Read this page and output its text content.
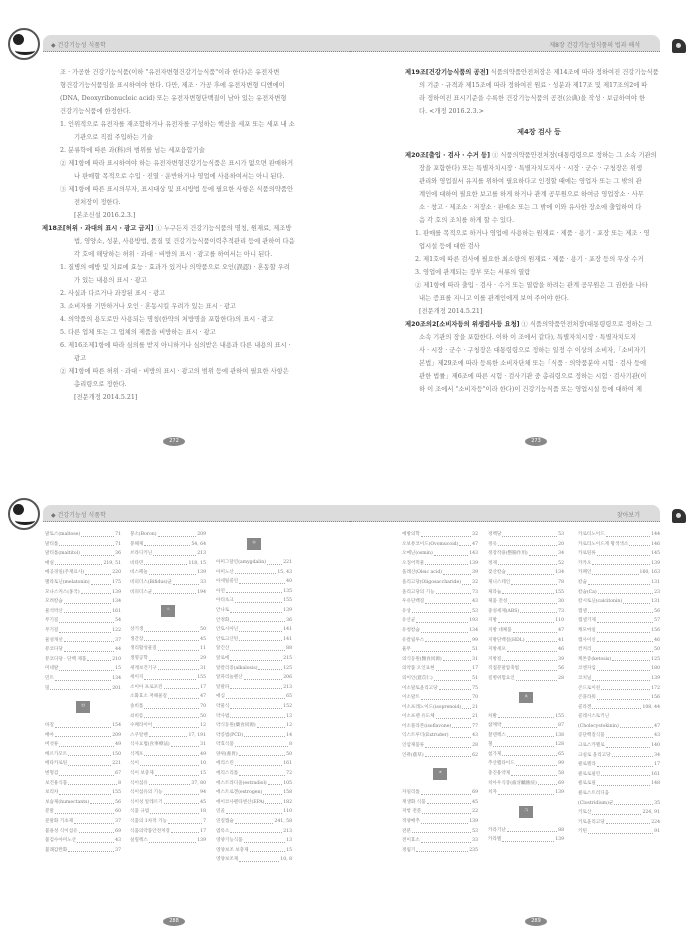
◆ 건강기능성 식품학	제8장 건강기능성식품의 법과 해석

조 · 가공한 건강기능식품(이하 "유전자변형건강기능식품"이라 한다)은 유전자변

형건강기능식품임을 표시하여야 한다. 다만, 제조 · 가공 후에 유전자변형 디엔에이

(DNA, Deoxyribonucleic acid) 또는 유전자변형단백질이 남아 있는 유전자변형

건강기능식품에 한정한다.

1. 인위적으로 유전자를 재조합하거나 유전자를 구성하는 핵산을 세포 또는 세포 내 소

기관으로 직접 주입하는 기술

2. 분류학에 따른 과(科)의 범위를 넘는 세포융합기술

② 제1항에 따라 표시하여야 하는 유전자변형건강기능식품은 표시가 없으면 판매하거

나 판매할 목적으로 수입 · 진열 · 운반하거나 영업에 사용하여서는 아니 된다.

③ 제1항에 따른 표시의무자, 표시대상 및 표시방법 등에 필요한 사항은 식품의약품안

전처장이 정한다.

[본조신설 2016.2.3.]

제18조[허위 · 과대의 표시 · 광고 금지] ① 누구든지 건강기능식품의 명칭, 원재료, 제조방

법, 영양소, 성분, 사용방법, 품질 및 건강기능식품이력추적관리 등에 관하여 다음

각 호에 해당하는 허위 · 과대 · 비방의 표시 · 광고를 하여서는 아니 된다.

1. 질병의 예방 및 치료에 효능 · 효과가 있거나 의약품으로 오인(誤認) · 혼동할 우려

가 있는 내용의 표시 · 광고

2. 사실과 다르거나 과장된 표시 · 광고

3. 소비자를 기만하거나 오인 · 혼동시킬 우려가 있는 표시 · 광고

4. 의약품의 용도로만 사용되는 명칭(한약의 처방명을 포함한다)의 표시 · 광고

5. 다른 업체 또는 그 업체의 제품을 비방하는 표시 · 광고

6. 제16조제1항에 따라 심의를 받지 아니하거나 심의받은 내용과 다른 내용의 표시 ·

광고

② 제1항에 따른 허위 · 과대 · 비방의 표시 · 광고의 범위 등에 관하여 필요한 사항은

총리령으로 정한다.

[전문개정 2014.5.21]

272

제19조[건강기능식품의 공전] 식품의약품안전처장은 제14조에 따라 정하여진 건강기능식품

의 기준 · 규격과 제15조에 따라 정하여진 원료 · 성분과 제17조 및 제17조의2에 따

라 정하여진 표시기준을 수록한 건강기능식품의 공전(公典)을 작성 · 보급하여야 한

다. <개정 2016.2.3.>

제4장 검사 등

제20조[출입 · 검사 · 수거 등] ① 식품의약품안전처장(대통령령으로 정하는 그 소속 기관의

장을 포함한다) 또는 특별자치시장 · 특별자치도지사 · 시장 · 군수 · 구청장은 위생

관리와 영업질서 유지를 위하여 필요하다고 인정할 때에는 영업자 또는 그 밖의 관

계인에 대하여 필요한 보고를 하게 하거나 관계 공무원으로 하여금 영업장소 · 사무

소 · 창고 · 제조소 · 저장소 · 판매소 또는 그 밖에 이와 유사한 장소에 출입하여 다

음 각 호의 조치를 하게 할 수 있다.

1. 판매를 목적으로 하거나 영업에 사용하는 원재료 · 제품 · 용기 · 포장 또는 제조 · 영

업시설 등에 대한 검사

2. 제1호에 따른 검사에 필요한 최소량의 원재료 · 제품 · 용기 · 포장 등의 무상 수거

3. 영업에 관계되는 장부 또는 서류의 열람

② 제1항에 따라 출입 · 검사 · 수거 또는 열람을 하려는 관계 공무원은 그 권한을 나타

내는 증표를 지니고 이를 관계인에게 보여 주어야 한다.

[전문개정 2014.5.21]

제20조의2[소비자등의 위생검사등 요청] ① 식품의약품안전처장(대통령령으로 정하는 그

소속 기관의 장을 포함한다. 이하 이 조에서 같다), 특별자치시장 · 특별자치도지

사 · 시장 · 군수 · 구청장은 대통령령으로 정하는 일정 수 이상의 소비자,「소비자기

본법」제29조에 따라 등록한 소비자단체 또는「식품 · 의약품분야 시험 · 검사 등에

관한 법률」제6조에 따른 시험 · 검사기관 중 총리령으로 정하는 시험 · 검사기관(이

하 이 조에서 "소비자등"이라 한다)이 건강기능식품 또는 영업시설 등에 대하여 제

273
◆ 건강기능성 식품학	찾아보기
288	289
말토스(maltose)	71
말티톨	71
말티톨(maltitol)	36
매실	219, 51
메공경일(주재료사)	220
멜라토닌(melatonin)	175
모나스커스(홍국)	139
모려칼슘	134
물석박산	161
무기질	54
무기질	122
물성개선	37
뮤코다당	44
뮤코다당 · 단백 제품	210
미네랄	15
민트	134
밀	201
ㅂ
바질	154
배아	209
버섯류	49
베르가모트	150
베타카로틴	221
변형검	67
보건용식품	8
보리차	155
보습제(humectants)	56
분말	60
분말화 기초제	37
불용성 식이섬유	69
불검수아미노산	43
불쾌감완화	37
붕소(Boron)	209
붕해제	54, 64
브라디키닌	213
비타민	118, 15
비스페놀	139
비피더스(Bifidus)균	33
비피더스균	194
ㅅ
상기생	50
생간장	45
생리활성물질	11
생명공학	29
세계보건기구	31
세이지	155
소이아 프로포린	17
소화효소 저해물질	47
솔비톨	70
쇠비름	50
수페라이어	12
스쿠알렌	17, 191
식사요법(食事療法)	31
식계포	49
식이	10
식이 보충제	15
식이섬유	37, 80
식이섬유의 기능	94
식이성 알레르기	45
식품 규범	18
식품의 1차적 기능	7
식품의약품안전처장	17
실릴렉스	139
ㅇ
아미그달린(amygdalin)	221
아미노산	15, 43
아세틸콜린	40
아연	135
아티초크	155
안나토	139
안정화	36
안토시아닌	141
안토크산틴	141
알긴산	88
알로에	215
알칼리증(alkalosis)	125
알파리놀렌산	206
알팔파	213
애심	65
약물식	152
약사법	13
약식동원(藥食同源)	12
약콩법(PCD)	14
약효식품	8
양위(養胃)	50
에리스린	161
에리스리톨	72
에스트라디올(estradiol)	105
에스트로겐(estrogen)	158
에이코사펜타엔산(EPA)	182
연골	110
연질캡슐	241, 58
엽록소	213
영양기능식품	13
영양보조 보충제	15
영양보조제	10, 8
예방의학	32
오보뮤코이드(Ovomucoid)	47
오메닌(osmin)	143
오징어먹물	139
올레산(Oleic acid)	39
올리고당(Oligosaccharide) 32
올리고당의 기능	73
우유단백질	43
유상	53
유산균	193
유청칼슘	134
유칼립투스	99
율무	51
의식동원(醫食同源)	31
의약품 오인표현	17
의이인(薏苡仁)	51
이소말토올리고당	75
이소말트	70
이소프레노이드(isoprenoid) 21
이소프렌 유도체	21
이소플라본(isoflavone)	77
익스트루더(Extruder)	43
인삼제품류	28
인퓨(蔭草)	62
ㅈ
자일리톨	69
재생화 식품	45
저항 전분	22
적양배추	139
전분	53
전이효소	33
정립기	235
정백당	53
정유	20
정장작용(整腸作用)	34
정제	52
젖산칼슘	134
제니스테인	78
제라늄	155
제품 전성	30
중성세제(ABS)	73
지방	110
지방 대체품	47
지방단백질(HDL)	41
지방세포	46
지방질	39
직접분말압축법	56
질병위험요인	28
ㅊ
차발	155
참깨박	87
찰덴렉스	138
철	128
첨가제	65
추산펩타이드	99
충진용약제	58
치아우식증(齒牙齲蝕症)	69
치자	139
ㅋ
카라기난	88
카라멜	139
카로티노이드	144
카로티노이드계 황색색소	146
카로틴류	145
카카오	139
카페인	160, 163
칼슘	131
칼슘(Ca)	23
칼시토닌(calcitonin)	131
캡셀	56
캡셀기제	57
캐모마일	156
캡사이신	46
컨커리	50
케톤증(ketosis)	125
코엔자임	180
코치닐	139
콘드로이친	172
콘플라워	156
콜라겐	108, 44
콜레시스토키닌
(Cholecystokinin)	47
콩단백질식품	43
크로스카멜로	140
크실로 올리고당	34
클로렐라	17
클로로필린	161
클로로필	148
클로스트리디움
(Clostridium)균	35
키토산	224, 91
키토올리고당	224
키틴	91
